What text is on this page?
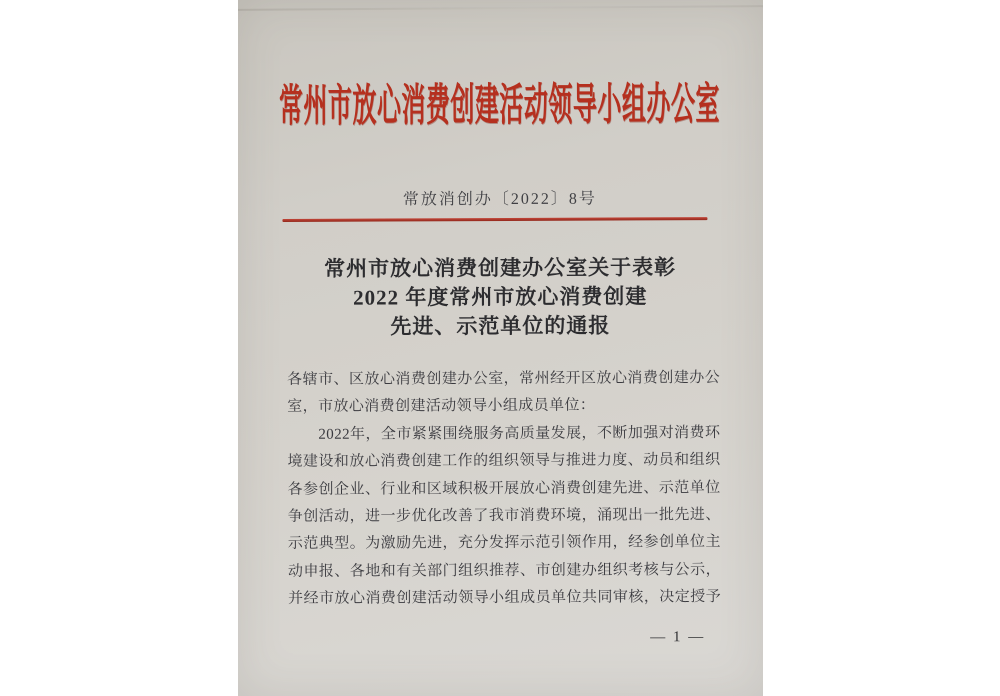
常州市放心消费创建活动领导小组办公室
常放消创办〔2022〕8号
常州市放心消费创建办公室关于表彰
2022 年度常州市放心消费创建
先进、示范单位的通报
各辖市、区放心消费创建办公室，常州经开区放心消费创建办公
室，市放心消费创建活动领导小组成员单位：
2022年，全市紧紧围绕服务高质量发展，不断加强对消费环
境建设和放心消费创建工作的组织领导与推进力度、动员和组织
各参创企业、行业和区域积极开展放心消费创建先进、示范单位
争创活动，进一步优化改善了我市消费环境，涌现出一批先进、
示范典型。为激励先进，充分发挥示范引领作用，经参创单位主
动申报、各地和有关部门组织推荐、市创建办组织考核与公示，
并经市放心消费创建活动领导小组成员单位共同审核，决定授予
— 1 —
